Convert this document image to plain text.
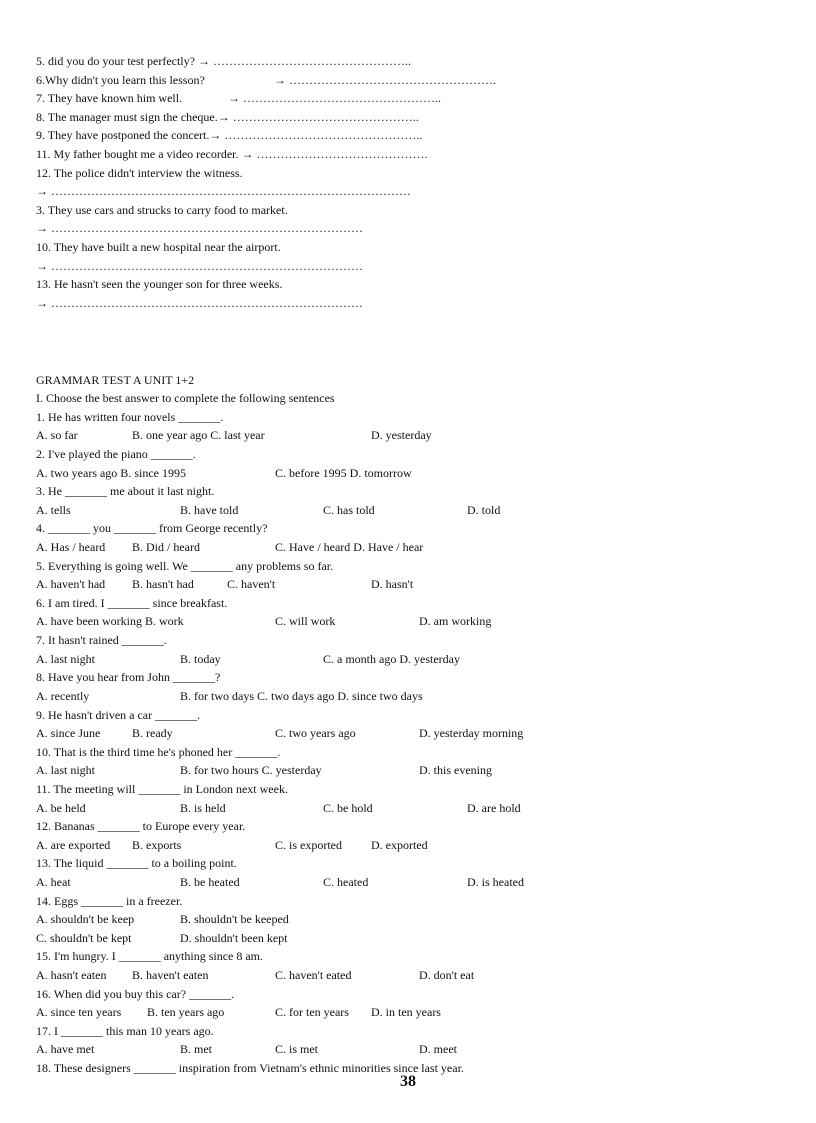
5. did you do your test perfectly? → …………………………………………..
6.Why didn't you learn this lesson?	→ …………………………………………….
7. They have known him well.	→ …………………………………………..
8. The manager must sign the cheque.→ ………………………………………..
9. They have postponed the concert.→ …………………………………………..
11. My father bought me a video recorder. → …………………………………….
12. The police didn't interview the witness.
→ ………………………………………………………………………………
3. They use cars and strucks to carry food to market.
→ ……………………………………………………………………
10. They have built a new hospital near the airport.
→ ……………………………………………………………………
13. He hasn't seen the younger son for three weeks.
→ ……………………………………………………………………
GRAMMAR TEST A UNIT 1+2
I. Choose the best answer to complete the following sentences
1. He has written four novels _______.
A. so far	B. one year ago C. last year	D. yesterday
2. I've played the piano _______.
A. two years ago B. since 1995	C. before 1995 D. tomorrow
3. He _______ me about it last night.
A. tells	B. have told	C. has told	D. told
4. _______ you _______ from George recently?
A. Has / heard B. Did / heard	C. Have / heard D. Have / hear
5. Everything is going well. We _______ any problems so far.
A. haven't had B. hasn't had	C. haven't	D. hasn't
6. I am tired. I _______ since breakfast.
A. have been working B. work	C. will work	D. am working
7. It hasn't rained _______.
A. last night	B. today	C. a month ago D. yesterday
8. Have you hear from John _______?
A. recently	B. for two days C. two days ago D. since two days
9. He hasn't driven a car _______.
A. since June	B. ready	C. two years ago	D. yesterday morning
10. That is the third time he's phoned her _______.
A. last night	B. for two hours C. yesterday	D. this evening
11. The meeting will _______ in London next week.
A. be held	B. is held	C. be hold	D. are hold
12. Bananas _______ to Europe every year.
A. are exported B. exports	C. is exported D. exported
13. The liquid _______ to a boiling point.
A. heat	B. be heated	C. heated	D. is heated
14. Eggs _______ in a freezer.
A. shouldn't be keep	B. shouldn't be keeped
C. shouldn't be kept	D. shouldn't been kept
15. I'm hungry. I _______ anything since 8 am.
A. hasn't eaten B. haven't eaten	C. haven't eated	D. don't eat
16. When did you buy this car? _______.
A. since ten years B. ten years ago	C. for ten years D. in ten years
17. I _______ this man 10 years ago.
A. have met	B. met	C. is met	D. meet
18. These designers _______ inspiration from Vietnam's ethnic minorities since last year.
38
